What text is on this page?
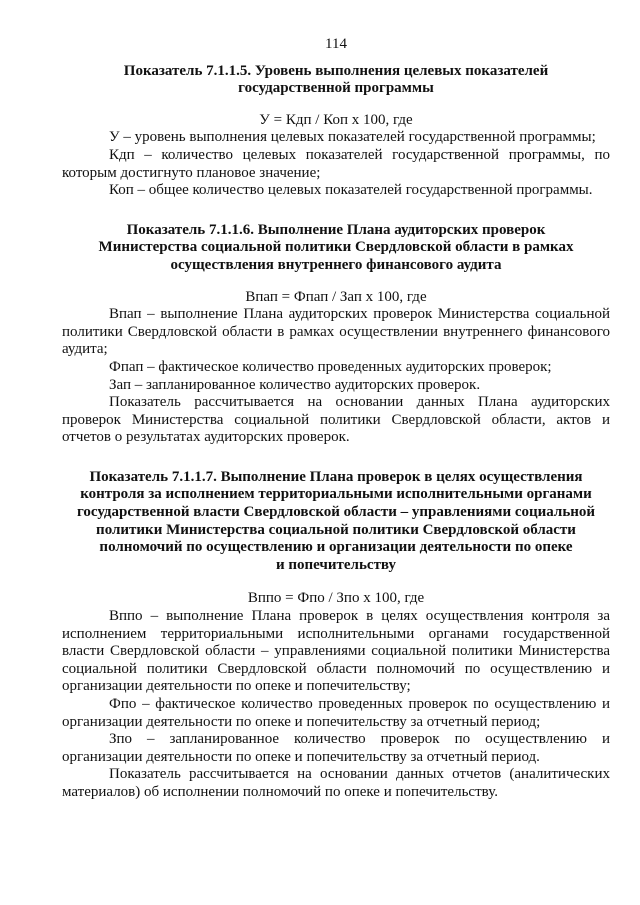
114

Показатель 7.1.1.5. Уровень выполнения целевых показателей
государственной программы

У = Кдп / Коп х 100, где

У – уровень выполнения целевых показателей государственной программы;

Кдп – количество целевых показателей государственной программы, по которым достигнуто плановое значение;

Коп – общее количество целевых показателей государственной программы.

Показатель 7.1.1.6. Выполнение Плана аудиторских проверок
Министерства социальной политики Свердловской области в рамках
осуществления внутреннего финансового аудита

Впап = Фпап / Зап х 100, где

Впап – выполнение Плана аудиторских проверок Министерства социальной политики Свердловской области в рамках осуществлении внутреннего финансового аудита;

Фпап – фактическое количество проведенных аудиторских проверок;

Зап – запланированное количество аудиторских проверок.

Показатель рассчитывается на основании данных Плана аудиторских проверок Министерства социальной политики Свердловской области, актов и отчетов о результатах аудиторских проверок.

Показатель 7.1.1.7. Выполнение Плана проверок в целях осуществления
контроля за исполнением территориальными исполнительными органами
государственной власти Свердловской области – управлениями социальной
политики Министерства социальной политики Свердловской области
полномочий по осуществлению и организации деятельности по опеке
и попечительству

Вппо = Фпо / Зпо х 100, где

Вппо – выполнение Плана проверок в целях осуществления контроля за исполнением территориальными исполнительными органами государственной власти Свердловской области – управлениями социальной политики Министерства социальной политики Свердловской области полномочий по осуществлению и организации деятельности по опеке и попечительству;

Фпо – фактическое количество проведенных проверок по осуществлению и организации деятельности по опеке и попечительству за отчетный период;

Зпо – запланированное количество проверок по осуществлению и организации деятельности по опеке и попечительству за отчетный период.

Показатель рассчитывается на основании данных отчетов (аналитических материалов) об исполнении полномочий по опеке и попечительству.
